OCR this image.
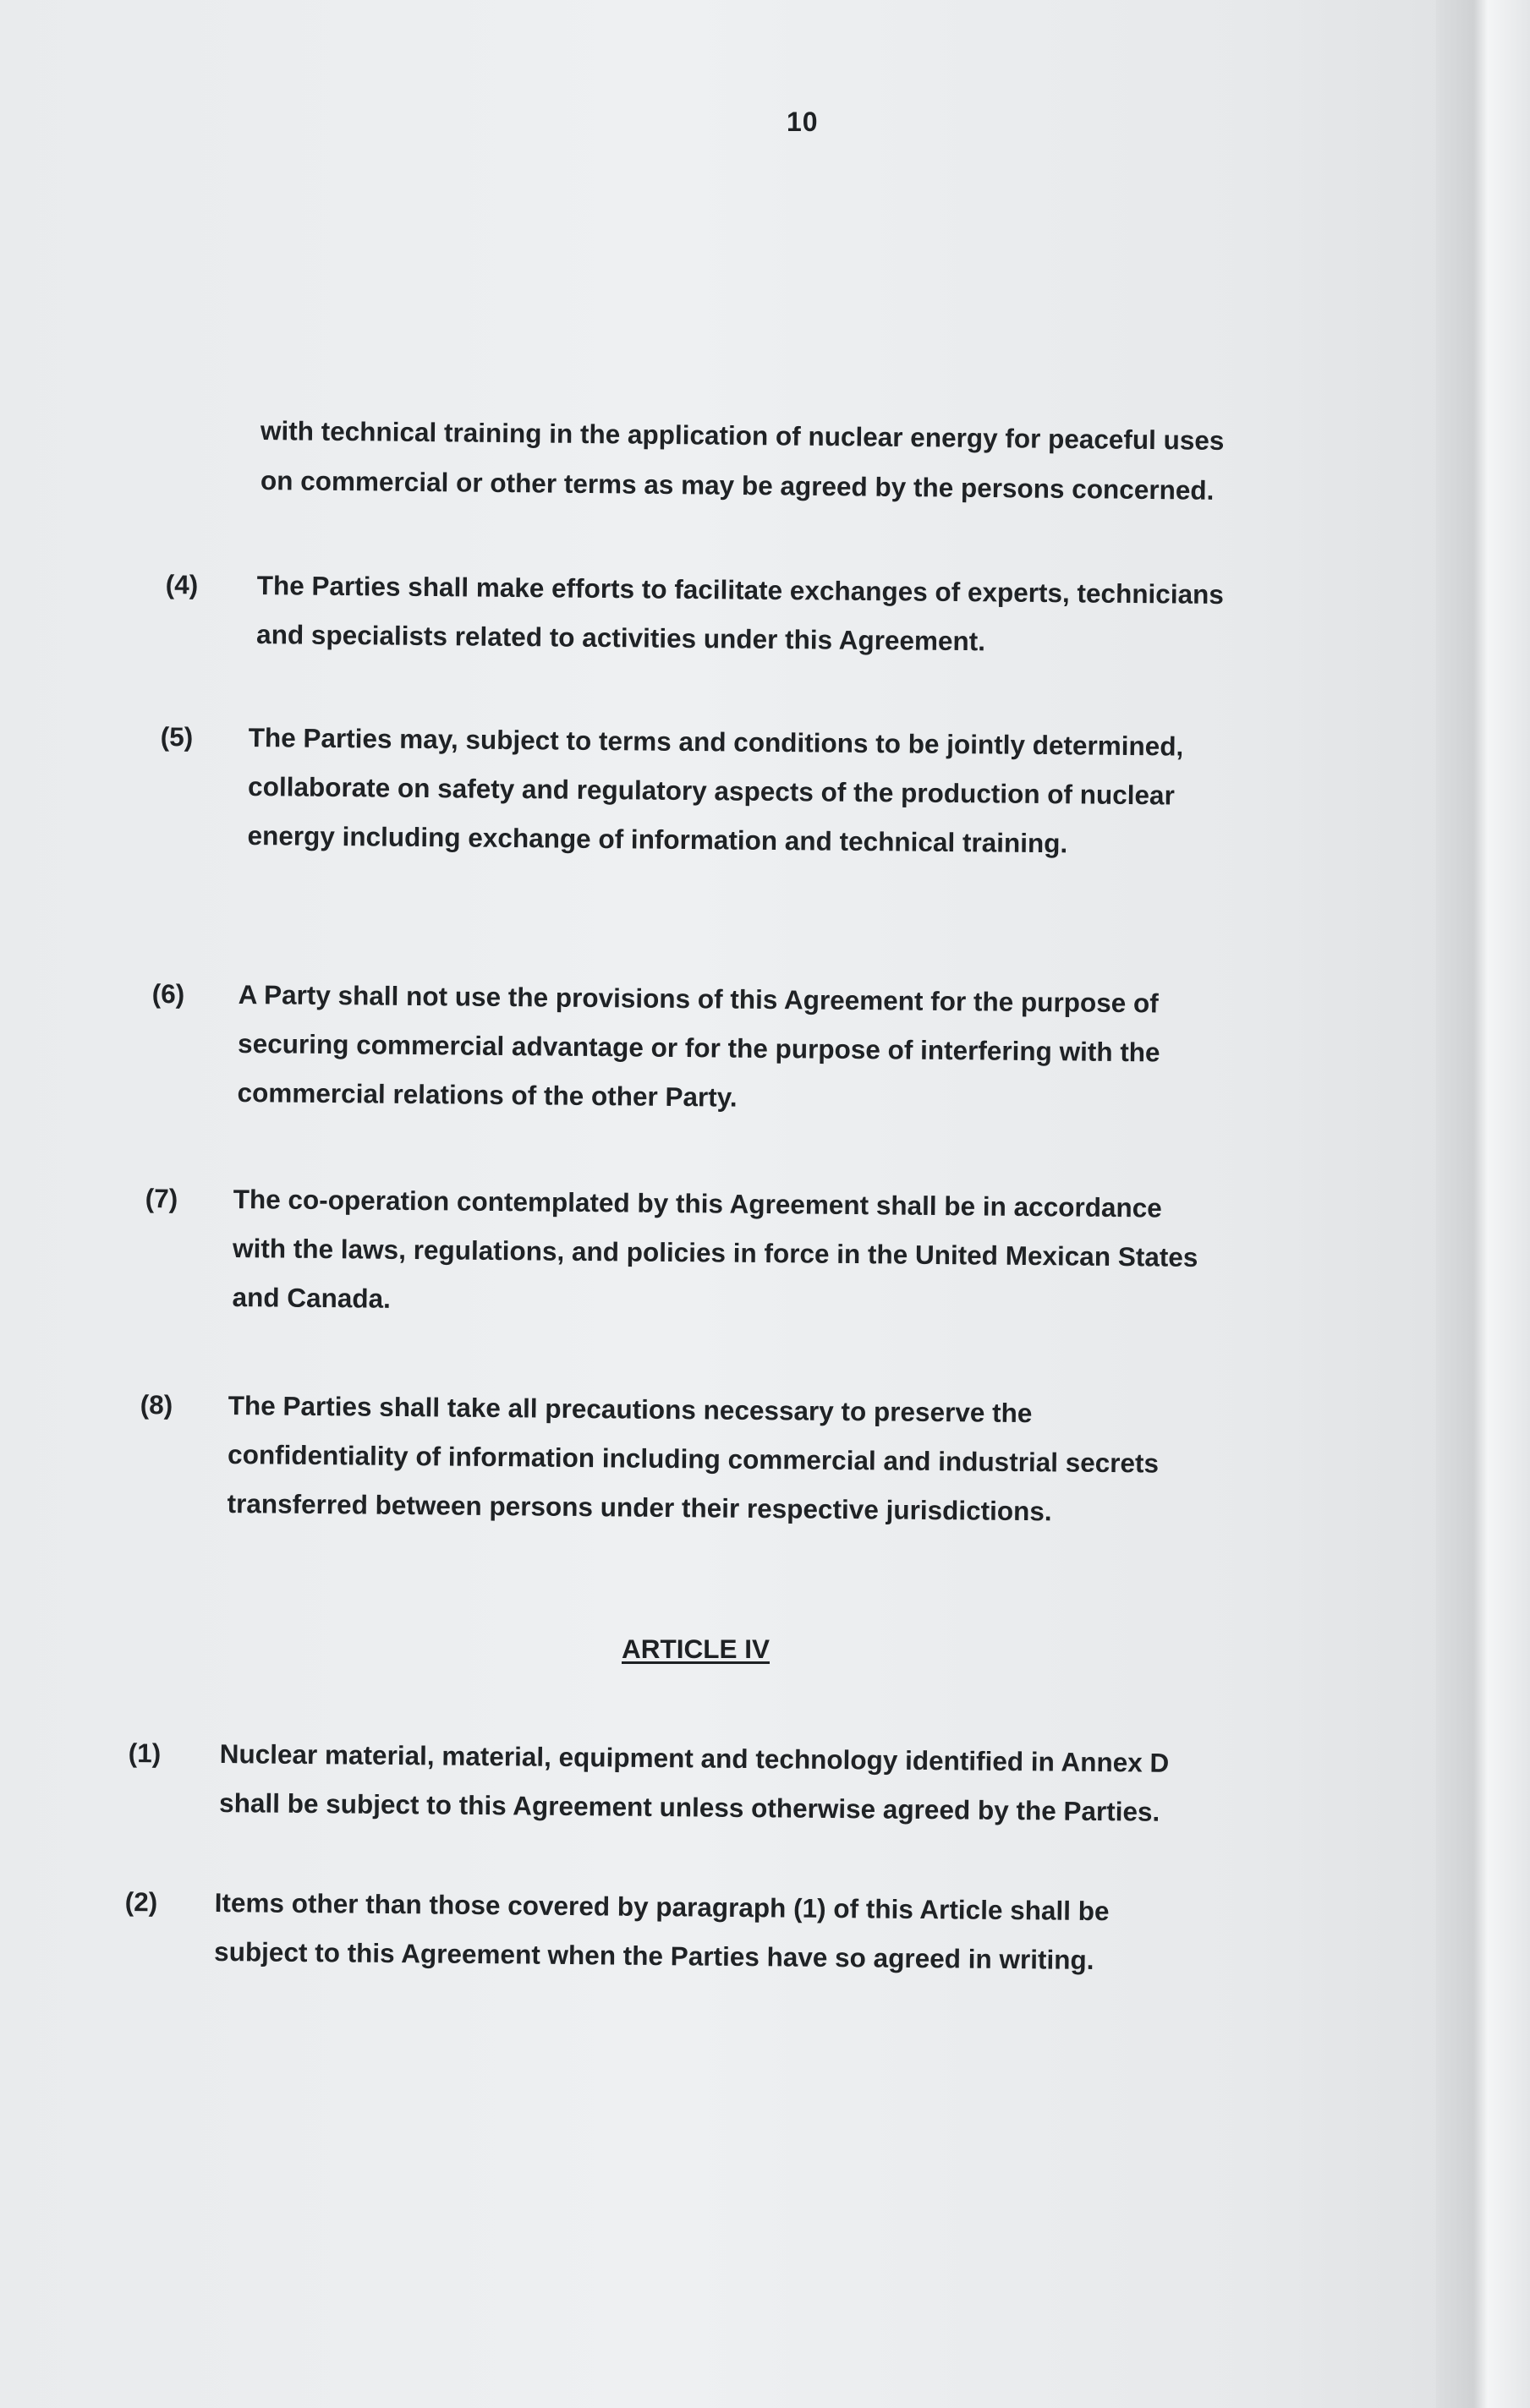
10
with technical training in the application of nuclear energy for peaceful uses
on commercial or other terms as may be agreed by the persons concerned.
(4) The Parties shall make efforts to facilitate exchanges of experts, technicians
and specialists related to activities under this Agreement.
(5) The Parties may, subject to terms and conditions to be jointly determined,
collaborate on safety and regulatory aspects of the production of nuclear
energy including exchange of information and technical training.
(6) A Party shall not use the provisions of this Agreement for the purpose of
securing commercial advantage or for the purpose of interfering with the
commercial relations of the other Party.
(7) The co-operation contemplated by this Agreement shall be in accordance
with the laws, regulations, and policies in force in the United Mexican States
and Canada.
(8) The Parties shall take all precautions necessary to preserve the
confidentiality of information including commercial and industrial secrets
transferred between persons under their respective jurisdictions.
ARTICLE IV
(1) Nuclear material, material, equipment and technology identified in Annex D
shall be subject to this Agreement unless otherwise agreed by the Parties.
(2) Items other than those covered by paragraph (1) of this Article shall be
subject to this Agreement when the Parties have so agreed in writing.
